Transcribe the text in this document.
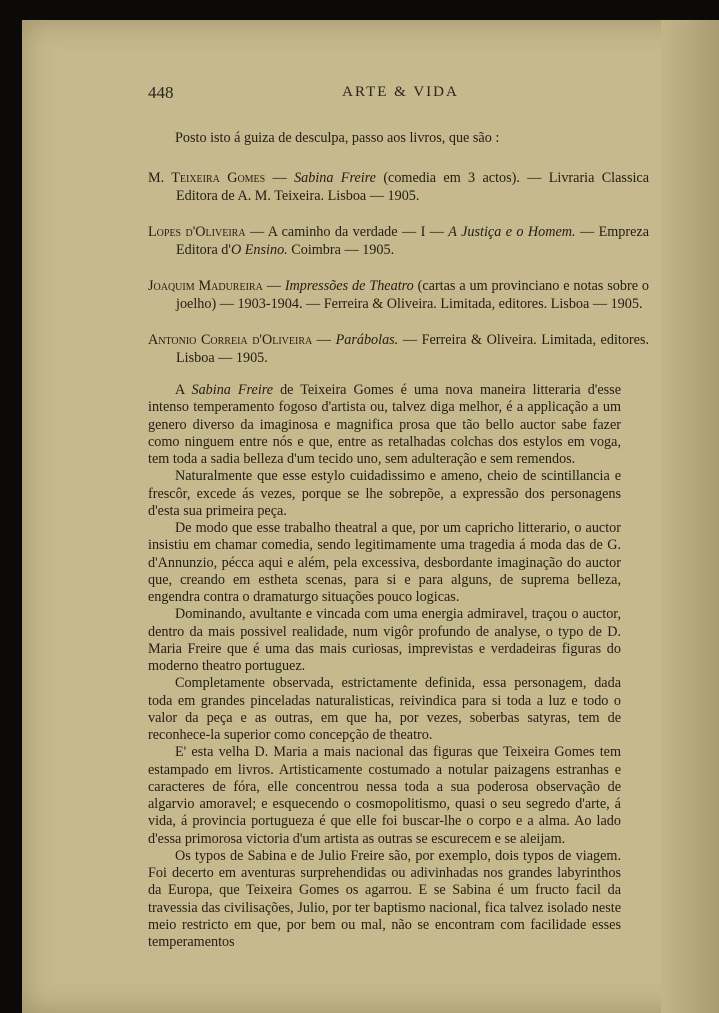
448	ARTE & VIDA
Posto isto á guiza de desculpa, passo aos livros, que são :
M. Teixeira Gomes — Sabina Freire (comedia em 3 actos). — Livraria Classica Editora de A. M. Teixeira. Lisboa — 1905.
Lopes d'Oliveira — A caminho da verdade — I — A Justiça e o Homem. — Empreza Editora d'O Ensino. Coimbra — 1905.
Joaquim Madureira — Impressões de Theatro (cartas a um provinciano e notas sobre o joelho) — 1903-1904. — Ferreira & Oliveira. Limitada, editores. Lisboa — 1905.
Antonio Correia d'Oliveira — Parábolas. — Ferreira & Oliveira. Limitada, editores. Lisboa — 1905.

A Sabina Freire de Teixeira Gomes é uma nova maneira litteraria d'esse intenso temperamento fogoso d'artista ou, talvez diga melhor, é a applicação a um genero diverso da imaginosa e magnifica prosa que tão bello auctor sabe fazer como ninguem entre nós e que, entre as retalhadas colchas dos estylos em voga, tem toda a sadia belleza d'um tecido uno, sem adulteração e sem remendos.

Naturalmente que esse estylo cuidadissimo e ameno, cheio de scintillancia e frescôr, excede ás vezes, porque se lhe sobrepõe, a expressão dos personagens d'esta sua primeira peça.

De modo que esse trabalho theatral a que, por um capricho litterario, o auctor insistiu em chamar comedia, sendo legitimamente uma tragedia á moda das de G. d'Annunzio, pécca aqui e além, pela excessiva, desbordante imaginação do auctor que, creando em estheta scenas, para si e para alguns, de suprema belleza, engendra contra o dramaturgo situações pouco logicas.

Dominando, avultante e vincada com uma energia admiravel, traçou o auctor, dentro da mais possivel realidade, num vigôr profundo de analyse, o typo de D. Maria Freire que é uma das mais curiosas, imprevistas e verdadeiras figuras do moderno theatro portuguez.

Completamente observada, estrictamente definida, essa personagem, dada toda em grandes pinceladas naturalisticas, reivindica para si toda a luz e todo o valor da peça e as outras, em que ha, por vezes, soberbas satyras, tem de reconhece-la superior como concepção de theatro.

E' esta velha D. Maria a mais nacional das figuras que Teixeira Gomes tem estampado em livros. Artisticamente costumado a notular paizagens estranhas e caracteres de fóra, elle concentrou nessa toda a sua poderosa observação de algarvio amoravel; e esquecendo o cosmopolitismo, quasi o seu segredo d'arte, á vida, á provincia portugueza é que elle foi buscar-lhe o corpo e a alma. Ao lado d'essa primorosa victoria d'um artista as outras se escurecem e se aleijam.

Os typos de Sabina e de Julio Freire são, por exemplo, dois typos de viagem. Foi decerto em aventuras surprehendidas ou adivinhadas nos grandes labyrinthos da Europa, que Teixeira Gomes os agarrou. E se Sabina é um fructo facil da travessia das civilisações, Julio, por ter baptismo nacional, fica talvez isolado neste meio restricto em que, por bem ou mal, não se encontram com facilidade esses temperamentos
